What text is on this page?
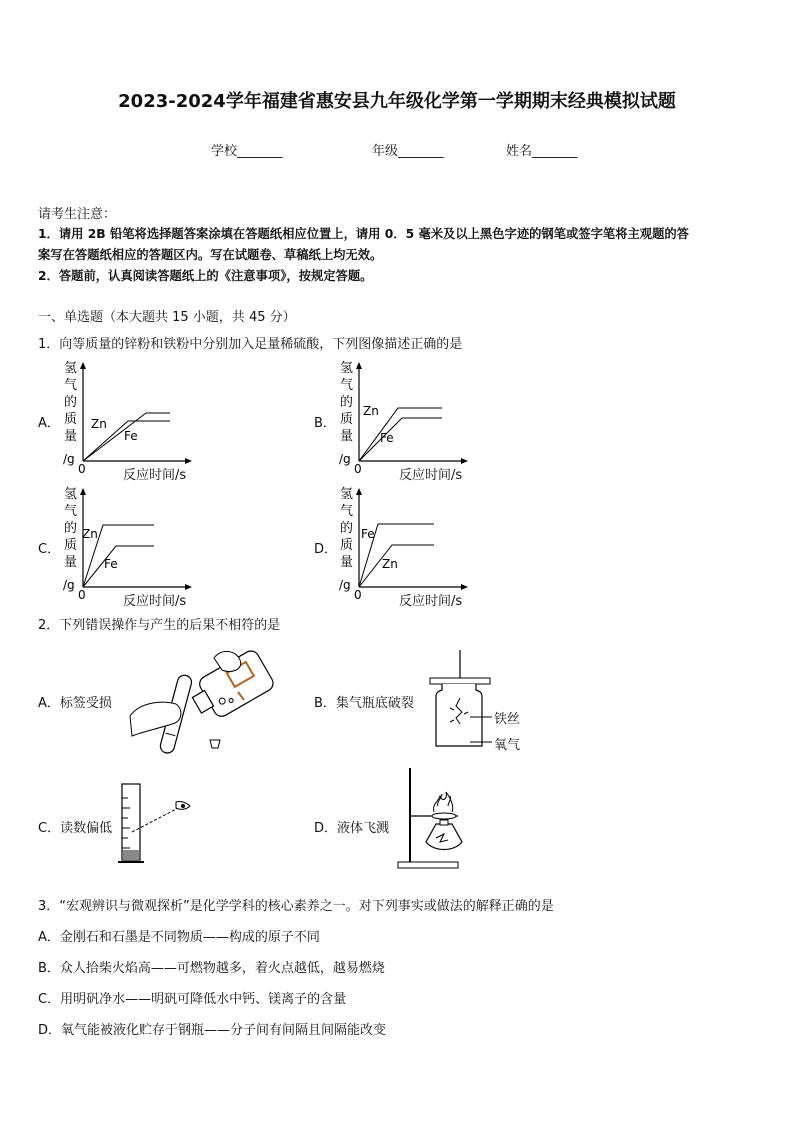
2023-2024学年福建省惠安县九年级化学第一学期期末经典模拟试题
学校_______	年级_______	姓名_______
请考生注意：
1．请用 2B 铅笔将选择题答案涂填在答题纸相应位置上，请用 0．5 毫米及以上黑色字迹的钢笔或签字笔将主观题的答
案写在答题纸相应的答题区内。写在试题卷、草稿纸上均无效。
2．答题前，认真阅读答题纸上的《注意事项》，按规定答题。
一、单选题（本大题共 15 小题，共 45 分）
1．向等质量的锌粉和铁粉中分别加入足量稀硫酸，下列图像描述正确的是
A．	B．
C．	D．
氢
气
的
质
量
/g
0
Zn
Fe
反应时间/s
氢
气
的
质
量
/g
0
Zn
Fe
反应时间/s
氢
气
的
质
量
/g
0
Zn
Fe
反应时间/s
氢
气
的
质
量
/g
0
Fe
Zn
反应时间/s
2．下列错误操作与产生的后果不相符的是
A．标签受损	B．集气瓶底破裂
铁丝
氧气
C．读数偏低	D．液体飞溅
3．“宏观辨识与微观探析”是化学学科的核心素养之一。对下列事实或做法的解释正确的是
A．金刚石和石墨是不同物质——构成的原子不同
B．众人拾柴火焰高——可燃物越多，着火点越低，越易燃烧
C．用明矾净水——明矾可降低水中钙、镁离子的含量
D．氧气能被液化贮存于钢瓶——分子间有间隔且间隔能改变
